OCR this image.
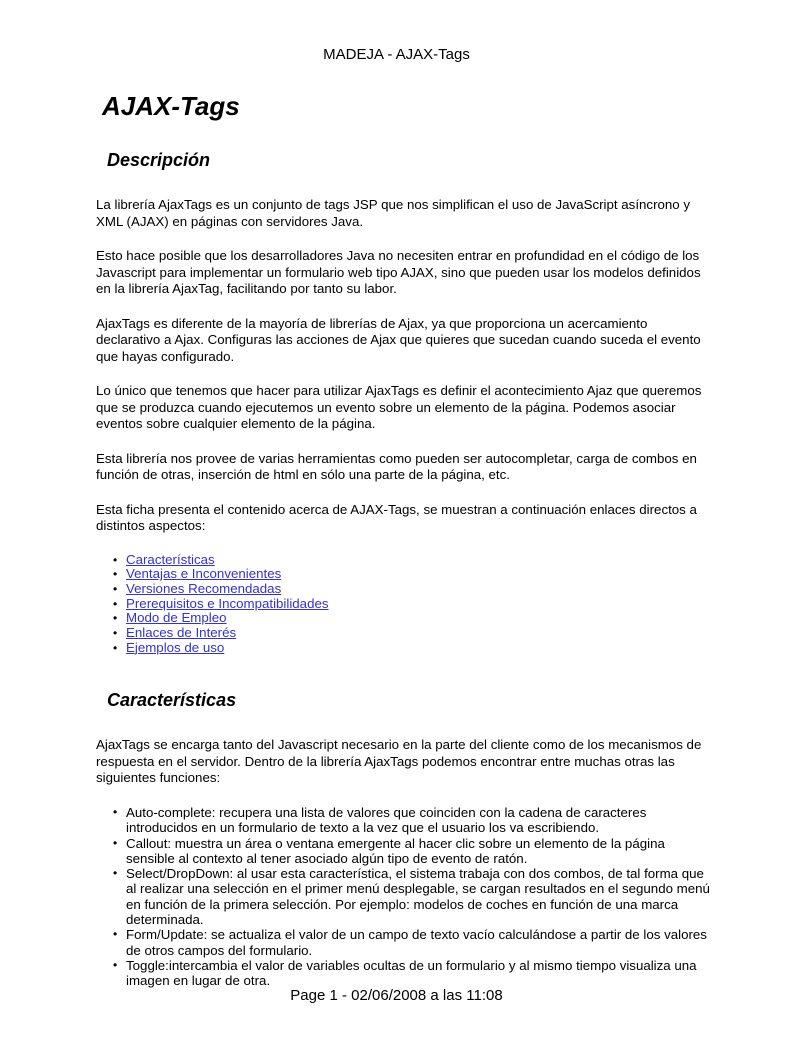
MADEJA - AJAX-Tags
AJAX-Tags
Descripción

La librería AjaxTags es un conjunto de tags JSP que nos simplifican el uso de JavaScript asíncrono y XML (AJAX) en páginas con servidores Java.

Esto hace posible que los desarrolladores Java no necesiten entrar en profundidad en el código de los Javascript para implementar un formulario web tipo AJAX, sino que pueden usar los modelos definidos en la librería AjaxTag, facilitando por tanto su labor.

AjaxTags es diferente de la mayoría de librerías de Ajax, ya que proporciona un acercamiento declarativo a Ajax. Configuras las acciones de Ajax que quieres que sucedan cuando suceda el evento que hayas configurado.

Lo único que tenemos que hacer para utilizar AjaxTags es definir el acontecimiento Ajaz que queremos que se produzca cuando ejecutemos un evento sobre un elemento de la página. Podemos asociar eventos sobre cualquier elemento de la página.

Esta librería nos provee de varias herramientas como pueden ser autocompletar, carga de combos en función de otras, inserción de html en sólo una parte de la página, etc.

Esta ficha presenta el contenido acerca de AJAX-Tags, se muestran a continuación enlaces directos a distintos aspectos:

• Características
• Ventajas e Inconvenientes
• Versiones Recomendadas
• Prerequisitos e Incompatibilidades
• Modo de Empleo
• Enlaces de Interés
• Ejemplos de uso
Características

AjaxTags se encarga tanto del Javascript necesario en la parte del cliente como de los mecanismos de respuesta en el servidor. Dentro de la librería AjaxTags podemos encontrar entre muchas otras las siguientes funciones:

• Auto-complete: recupera una lista de valores que coinciden con la cadena de caracteres introducidos en un formulario de texto a la vez que el usuario los va escribiendo.
• Callout: muestra un área o ventana emergente al hacer clic sobre un elemento de la página sensible al contexto al tener asociado algún tipo de evento de ratón.
• Select/DropDown: al usar esta característica, el sistema trabaja con dos combos, de tal forma que al realizar una selección en el primer menú desplegable, se cargan resultados en el segundo menú en función de la primera selección. Por ejemplo: modelos de coches en función de una marca determinada.
• Form/Update: se actualiza el valor de un campo de texto vacío calculándose a partir de los valores de otros campos del formulario.
• Toggle:intercambia el valor de variables ocultas de un formulario y al mismo tiempo visualiza una imagen en lugar de otra.
Page 1 - 02/06/2008 a las 11:08
